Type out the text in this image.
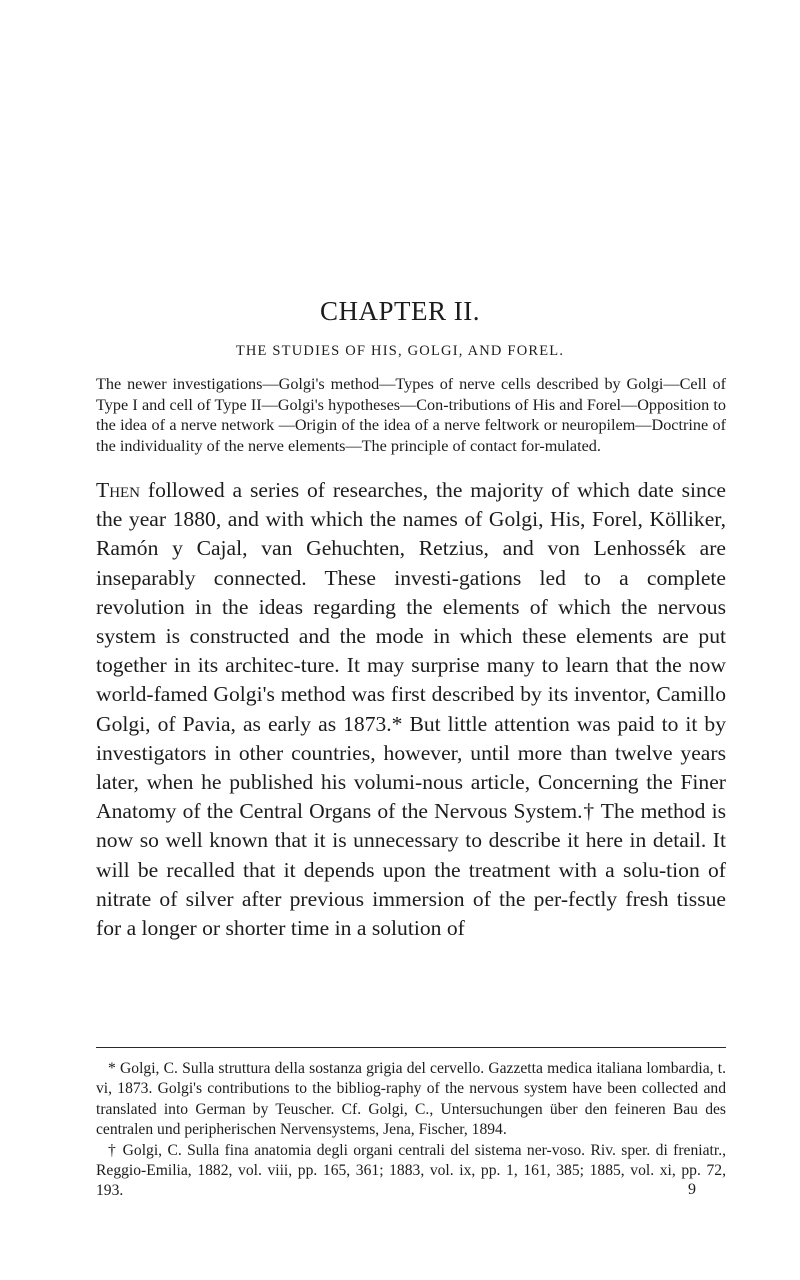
CHAPTER II.
THE STUDIES OF HIS, GOLGI, AND FOREL.

The newer investigations—Golgi's method—Types of nerve cells described by Golgi—Cell of Type I and cell of Type II—Golgi's hypotheses—Con-tributions of His and Forel—Opposition to the idea of a nerve network —Origin of the idea of a nerve feltwork or neuropilem—Doctrine of the individuality of the nerve elements—The principle of contact for-mulated.

Then followed a series of researches, the majority of which date since the year 1880, and with which the names of Golgi, His, Forel, Kölliker, Ramón y Cajal, van Gehuchten, Retzius, and von Lenhossék are inseparably connected. These investi-gations led to a complete revolution in the ideas regarding the elements of which the nervous system is constructed and the mode in which these elements are put together in its architec-ture. It may surprise many to learn that the now world-famed Golgi's method was first described by its inventor, Camillo Golgi, of Pavia, as early as 1873.* But little attention was paid to it by investigators in other countries, however, until more than twelve years later, when he published his volumi-nous article, Concerning the Finer Anatomy of the Central Organs of the Nervous System.† The method is now so well known that it is unnecessary to describe it here in detail. It will be recalled that it depends upon the treatment with a solu-tion of nitrate of silver after previous immersion of the per-fectly fresh tissue for a longer or shorter time in a solution of

* Golgi, C. Sulla struttura della sostanza grigia del cervello. Gazzetta medica italiana lombardia, t. vi, 1873. Golgi's contributions to the bibliog-raphy of the nervous system have been collected and translated into German by Teuscher. Cf. Golgi, C., Untersuchungen über den feineren Bau des centralen und peripherischen Nervensystems, Jena, Fischer, 1894.

† Golgi, C. Sulla fina anatomia degli organi centrali del sistema ner-voso. Riv. sper. di freniatr., Reggio-Emilia, 1882, vol. viii, pp. 165, 361; 1883, vol. ix, pp. 1, 161, 385; 1885, vol. xi, pp. 72, 193.	9
